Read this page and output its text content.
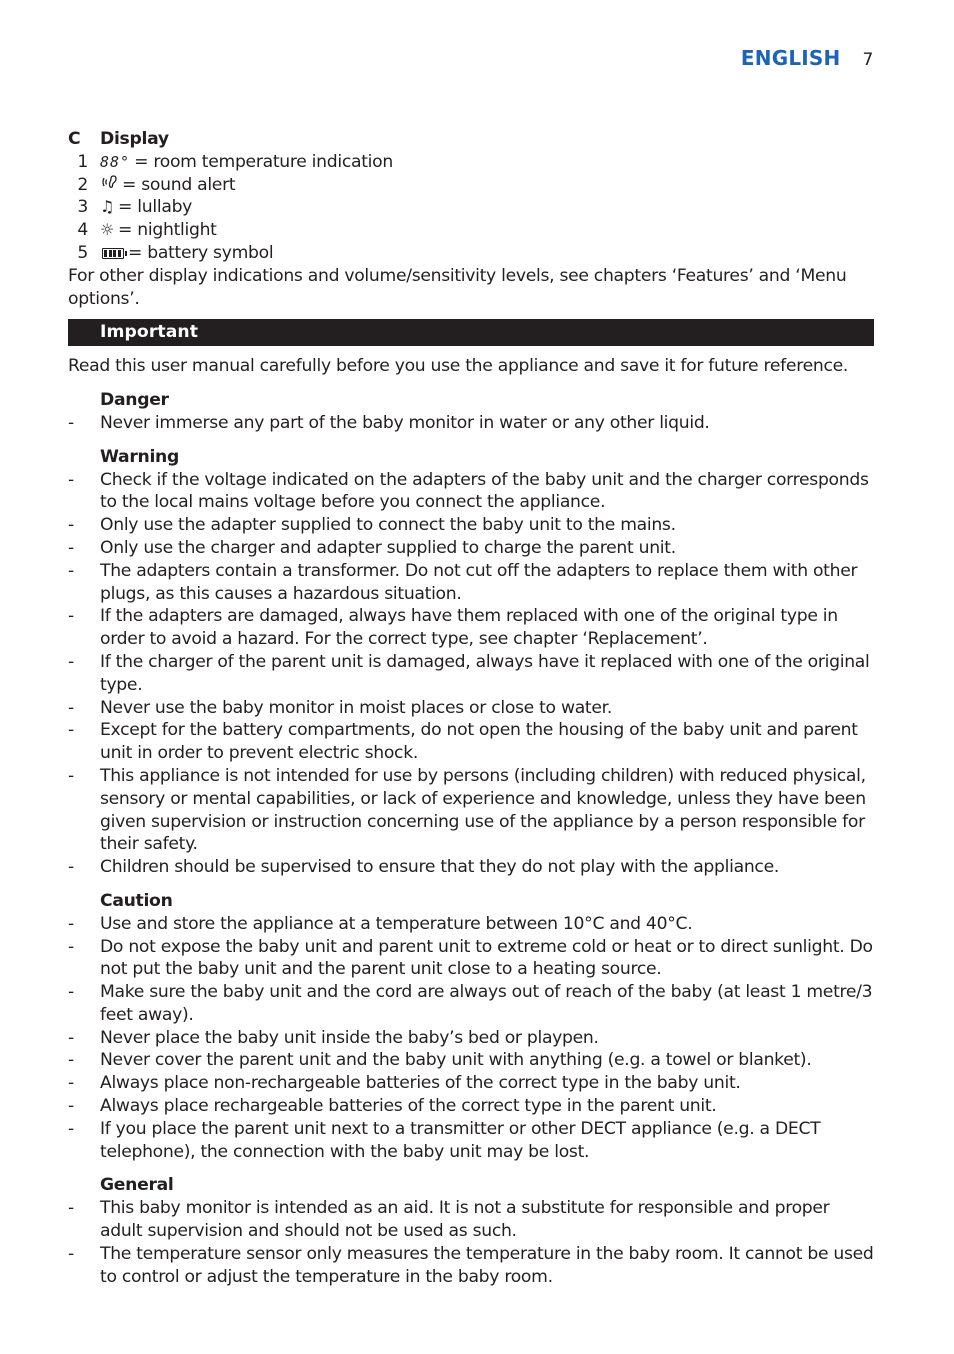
ENGLISH 7
C	Display
1 88° = room temperature indication
2 = sound alert
3 ♫ = lullaby
4 ☼ = nightlight
5 = battery symbol
For other display indications and volume/sensitivity levels, see chapters ‘Features’ and ‘Menu options’.
Important
Read this user manual carefully before you use the appliance and save it for future reference.
Danger
-	Never immerse any part of the baby monitor in water or any other liquid.
Warning
-	Check if the voltage indicated on the adapters of the baby unit and the charger corresponds to the local mains voltage before you connect the appliance.
-	Only use the adapter supplied to connect the baby unit to the mains.
-	Only use the charger and adapter supplied to charge the parent unit.
-	The adapters contain a transformer. Do not cut off the adapters to replace them with other plugs, as this causes a hazardous situation.
-	If the adapters are damaged, always have them replaced with one of the original type in order to avoid a hazard. For the correct type, see chapter ‘Replacement’.
-	If the charger of the parent unit is damaged, always have it replaced with one of the original type.
-	Never use the baby monitor in moist places or close to water.
-	Except for the battery compartments, do not open the housing of the baby unit and parent unit in order to prevent electric shock.
-	This appliance is not intended for use by persons (including children) with reduced physical, sensory or mental capabilities, or lack of experience and knowledge, unless they have been given supervision or instruction concerning use of the appliance by a person responsible for their safety.
-	Children should be supervised to ensure that they do not play with the appliance.
Caution
-	Use and store the appliance at a temperature between 10°C and 40°C.
-	Do not expose the baby unit and parent unit to extreme cold or heat or to direct sunlight. Do not put the baby unit and the parent unit close to a heating source.
-	Make sure the baby unit and the cord are always out of reach of the baby (at least 1 metre/3 feet away).
-	Never place the baby unit inside the baby’s bed or playpen.
-	Never cover the parent unit and the baby unit with anything (e.g. a towel or blanket).
-	Always place non-rechargeable batteries of the correct type in the baby unit.
-	Always place rechargeable batteries of the correct type in the parent unit.
-	If you place the parent unit next to a transmitter or other DECT appliance (e.g. a DECT telephone), the connection with the baby unit may be lost.
General
-	This baby monitor is intended as an aid. It is not a substitute for responsible and proper adult supervision and should not be used as such.
-	The temperature sensor only measures the temperature in the baby room. It cannot be used to control or adjust the temperature in the baby room.
